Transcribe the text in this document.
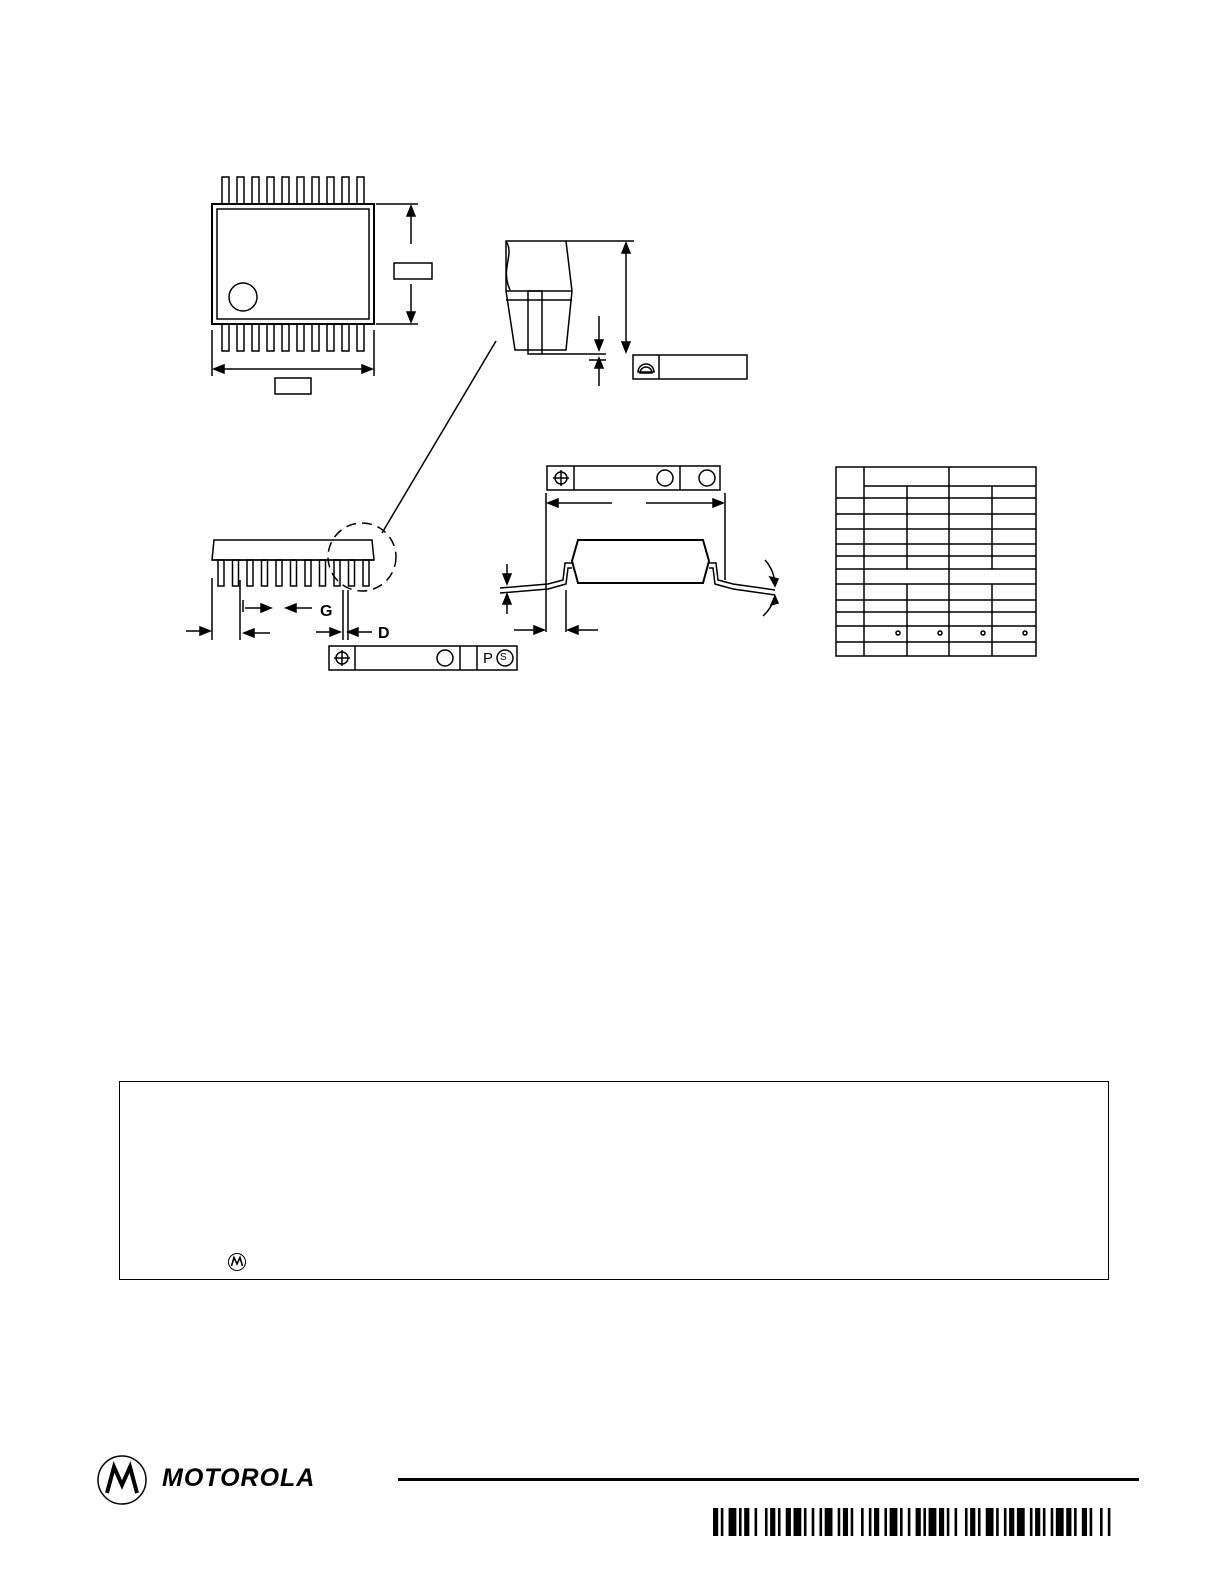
G
D
P S
MOTOROLA
